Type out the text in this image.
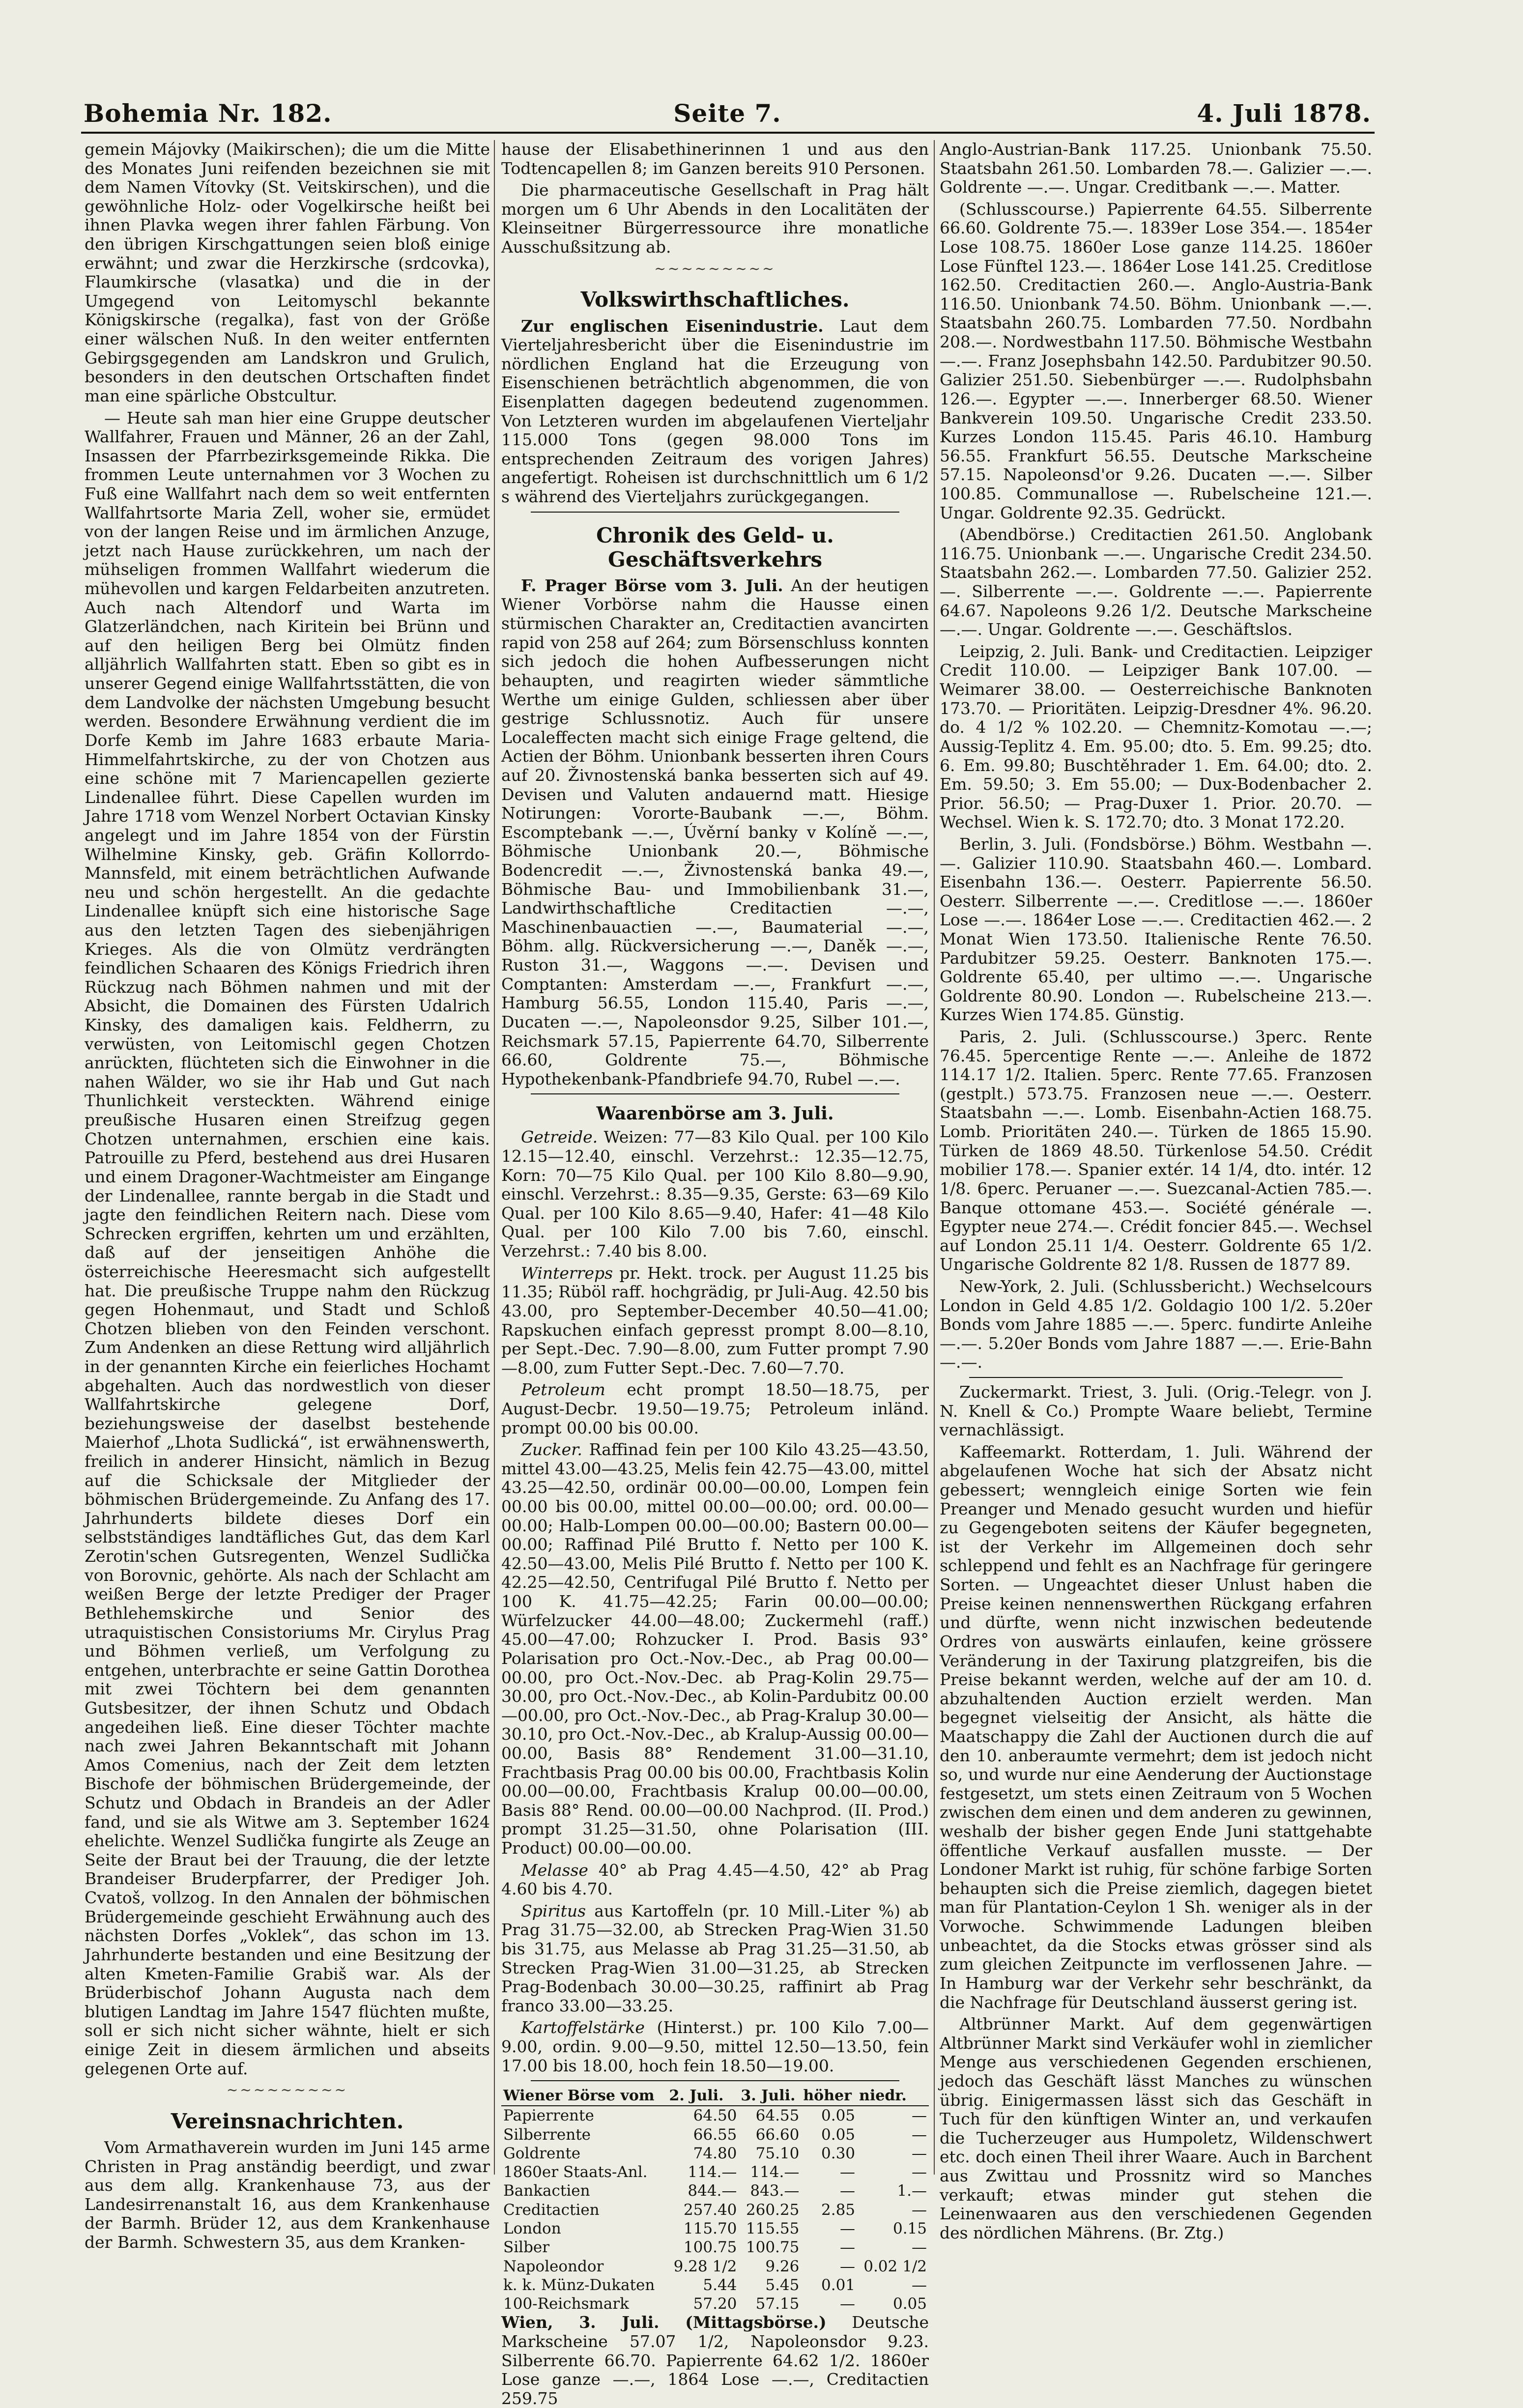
Bohemia Nr. 182.	Seite 7.	4. Juli 1878.

gemein Májovky (Maikirschen); die um die Mitte des Monates Juni reifenden bezeichnen sie mit dem Namen Vítovky (St. Veitskirschen), und die gewöhnliche Holz- oder Vogelkirsche heißt bei ihnen Plavka wegen ihrer fahlen Färbung. Von den übrigen Kirschgattungen seien bloß einige erwähnt; und zwar die Herzkirsche (srdcovka), Flaumkirsche (vlasatka) und die in der Umgegend von Leitomyschl bekannte Königskirsche (regalka), fast von der Größe einer wälschen Nuß. In den weiter entfernten Gebirgsgegenden am Landskron und Grulich, besonders in den deutschen Ortschaften findet man eine spärliche Obstcultur.

— Heute sah man hier eine Gruppe deutscher Wallfahrer, Frauen und Männer, 26 an der Zahl, Insassen der Pfarrbezirksgemeinde Rikka. Die frommen Leute unternahmen vor 3 Wochen zu Fuß eine Wallfahrt nach dem so weit entfernten Wallfahrtsorte Maria Zell, woher sie, ermüdet von der langen Reise und im ärmlichen Anzuge, jetzt nach Hause zurückkehren, um nach der mühseligen frommen Wallfahrt wiederum die mühevollen und kargen Feldarbeiten anzutreten. Auch nach Altendorf und Warta im Glatzerländchen, nach Kiritein bei Brünn und auf den heiligen Berg bei Olmütz finden alljährlich Wallfahrten statt. Eben so gibt es in unserer Gegend einige Wallfahrtsstätten, die von dem Landvolke der nächsten Umgebung besucht werden. Besondere Erwähnung verdient die im Dorfe Kemb im Jahre 1683 erbaute Maria-Himmelfahrtskirche, zu der von Chotzen aus eine schöne mit 7 Mariencapellen gezierte Lindenallee führt. Diese Capellen wurden im Jahre 1718 vom Wenzel Norbert Octavian Kinsky angelegt und im Jahre 1854 von der Fürstin Wilhelmine Kinsky, geb. Gräfin Kollorrdo-Mannsfeld, mit einem beträchtlichen Aufwande neu und schön hergestellt. An die gedachte Lindenallee knüpft sich eine historische Sage aus den letzten Tagen des siebenjährigen Krieges. Als die von Olmütz verdrängten feindlichen Schaaren des Königs Friedrich ihren Rückzug nach Böhmen nahmen und mit der Absicht, die Domainen des Fürsten Udalrich Kinsky, des damaligen kais. Feldherrn, zu verwüsten, von Leitomischl gegen Chotzen anrückten, flüchteten sich die Einwohner in die nahen Wälder, wo sie ihr Hab und Gut nach Thunlichkeit versteckten. Während einige preußische Husaren einen Streifzug gegen Chotzen unternahmen, erschien eine kais. Patrouille zu Pferd, bestehend aus drei Husaren und einem Dragoner-Wachtmeister am Eingange der Lindenallee, rannte bergab in die Stadt und jagte den feindlichen Reitern nach. Diese vom Schrecken ergriffen, kehrten um und erzählten, daß auf der jenseitigen Anhöhe die österreichische Heeresmacht sich aufgestellt hat. Die preußische Truppe nahm den Rückzug gegen Hohenmaut, und Stadt und Schloß Chotzen blieben von den Feinden verschont. Zum Andenken an diese Rettung wird alljährlich in der genannten Kirche ein feierliches Hochamt abgehalten. Auch das nordwestlich von dieser Wallfahrtskirche gelegene Dorf, beziehungsweise der daselbst bestehende Maierhof „Lhota Sudlická“, ist erwähnenswerth, freilich in anderer Hinsicht, nämlich in Bezug auf die Schicksale der Mitglieder der böhmischen Brüdergemeinde. Zu Anfang des 17. Jahrhunderts bildete dieses Dorf ein selbstständiges landtäfliches Gut, das dem Karl Zerotin'schen Gutsregenten, Wenzel Sudlička von Borovnic, gehörte. Als nach der Schlacht am weißen Berge der letzte Prediger der Prager Bethlehemskirche und Senior des utraquistischen Consistoriums Mr. Cirylus Prag und Böhmen verließ, um Verfolgung zu entgehen, unterbrachte er seine Gattin Dorothea mit zwei Töchtern bei dem genannten Gutsbesitzer, der ihnen Schutz und Obdach angedeihen ließ. Eine dieser Töchter machte nach zwei Jahren Bekanntschaft mit Johann Amos Comenius, nach der Zeit dem letzten Bischofe der böhmischen Brüdergemeinde, der Schutz und Obdach in Brandeis an der Adler fand, und sie als Witwe am 3. September 1624 ehelichte. Wenzel Sudlička fungirte als Zeuge an Seite der Braut bei der Trauung, die der letzte Brandeiser Bruderpfarrer, der Prediger Joh. Cvatoš, vollzog. In den Annalen der böhmischen Brüdergemeinde geschieht Erwähnung auch des nächsten Dorfes „Voklek“, das schon im 13. Jahrhunderte bestanden und eine Besitzung der alten Kmeten-Familie Grabiš war. Als der Brüderbischof Johann Augusta nach dem blutigen Landtag im Jahre 1547 flüchten mußte, soll er sich nicht sicher wähnte, hielt er sich einige Zeit in diesem ärmlichen und abseits gelegenen Orte auf.

~~~~~~~~~
Vereinsnachrichten.

Vom Armathaverein wurden im Juni 145 arme Christen in Prag anständig beerdigt, und zwar aus dem allg. Krankenhause 73, aus der Landesirrenanstalt 16, aus dem Krankenhause der Barmh. Brüder 12, aus dem Krankenhause der Barmh. Schwestern 35, aus dem Kranken-

hause der Elisabethinerinnen 1 und aus den Todtencapellen 8; im Ganzen bereits 910 Personen.

Die pharmaceutische Gesellschaft in Prag hält morgen um 6 Uhr Abends in den Localitäten der Kleinseitner Bürgerressource ihre monatliche Ausschußsitzung ab.

~~~~~~~~~
Volkswirthschaftliches.

Zur englischen Eisenindustrie. Laut dem Vierteljahresbericht über die Eisenindustrie im nördlichen England hat die Erzeugung von Eisenschienen beträchtlich abgenommen, die von Eisenplatten dagegen bedeutend zugenommen. Von Letzteren wurden im abgelaufenen Vierteljahr 115.000 Tons (gegen 98.000 Tons im entsprechenden Zeitraum des vorigen Jahres) angefertigt. Roheisen ist durchschnittlich um 6 1/2 s während des Vierteljahrs zurückgegangen.

Chronik des Geld- u. Geschäftsverkehrs

F. Prager Börse vom 3. Juli. An der heutigen Wiener Vorbörse nahm die Hausse einen stürmischen Charakter an, Creditactien avancirten rapid von 258 auf 264; zum Börsenschluss konnten sich jedoch die hohen Aufbesserungen nicht behaupten, und reagirten wieder sämmtliche Werthe um einige Gulden, schliessen aber über gestrige Schlussnotiz. Auch für unsere Localeffecten macht sich einige Frage geltend, die Actien der Böhm. Unionbank besserten ihren Cours auf 20. Živnostenská banka besserten sich auf 49. Devisen und Valuten andauernd matt. Hiesige Notirungen: Vororte-Baubank —.—, Böhm. Escomptebank —.—, Úvěrní banky v Kolíně —.—, Böhmische Unionbank 20.—, Böhmische Bodencredit —.—, Živnostenská banka 49.—, Böhmische Bau- und Immobilienbank 31.—, Landwirthschaftliche Creditactien —.—, Maschinenbauactien —.—, Baumaterial —.—, Böhm. allg. Rückversicherung —.—, Daněk —.—, Ruston 31.—, Waggons —.—. Devisen und Comptanten: Amsterdam —.—, Frankfurt —.—, Hamburg 56.55, London 115.40, Paris —.—, Ducaten —.—, Napoleonsdor 9.25, Silber 101.—, Reichsmark 57.15, Papierrente 64.70, Silberrente 66.60, Goldrente 75.—, Böhmische Hypothekenbank-Pfandbriefe 94.70, Rubel —.—.

Waarenbörse am 3. Juli.

Getreide. Weizen: 77—83 Kilo Qual. per 100 Kilo 12.15—12.40, einschl. Verzehrst.: 12.35—12.75, Korn: 70—75 Kilo Qual. per 100 Kilo 8.80—9.90, einschl. Verzehrst.: 8.35—9.35, Gerste: 63—69 Kilo Qual. per 100 Kilo 8.65—9.40, Hafer: 41—48 Kilo Qual. per 100 Kilo 7.00 bis 7.60, einschl. Verzehrst.: 7.40 bis 8.00.

Winterreps pr. Hekt. trock. per August 11.25 bis 11.35; Rüböl raff. hochgrädig, pr Juli-Aug. 42.50 bis 43.00, pro September-December 40.50—41.00; Rapskuchen einfach gepresst prompt 8.00—8.10, per Sept.-Dec. 7.90—8.00, zum Futter prompt 7.90—8.00, zum Futter Sept.-Dec. 7.60—7.70.

Petroleum echt prompt 18.50—18.75, per August-Decbr. 19.50—19.75; Petroleum inländ. prompt 00.00 bis 00.00.

Zucker. Raffinad fein per 100 Kilo 43.25—43.50, mittel 43.00—43.25, Melis fein 42.75—43.00, mittel 43.25—42.50, ordinär 00.00—00.00, Lompen fein 00.00 bis 00.00, mittel 00.00—00.00; ord. 00.00—00.00; Halb-Lompen 00.00—00.00; Bastern 00.00—00.00; Raffinad Pilé Brutto f. Netto per 100 K. 42.50—43.00, Melis Pilé Brutto f. Netto per 100 K. 42.25—42.50, Centrifugal Pilé Brutto f. Netto per 100 K. 41.75—42.25; Farin 00.00—00.00; Würfelzucker 44.00—48.00; Zuckermehl (raff.) 45.00—47.00; Rohzucker I. Prod. Basis 93° Polarisation pro Oct.-Nov.-Dec., ab Prag 00.00—00.00, pro Oct.-Nov.-Dec. ab Prag-Kolin 29.75—30.00, pro Oct.-Nov.-Dec., ab Kolin-Pardubitz 00.00—00.00, pro Oct.-Nov.-Dec., ab Prag-Kralup 30.00—30.10, pro Oct.-Nov.-Dec., ab Kralup-Aussig 00.00—00.00, Basis 88° Rendement 31.00—31.10, Frachtbasis Prag 00.00 bis 00.00, Frachtbasis Kolin 00.00—00.00, Frachtbasis Kralup 00.00—00.00, Basis 88° Rend. 00.00—00.00 Nachprod. (II. Prod.) prompt 31.25—31.50, ohne Polarisation (III. Product) 00.00—00.00.

Melasse 40° ab Prag 4.45—4.50, 42° ab Prag 4.60 bis 4.70.

Spiritus aus Kartoffeln (pr. 10 Mill.-Liter %) ab Prag 31.75—32.00, ab Strecken Prag-Wien 31.50 bis 31.75, aus Melasse ab Prag 31.25—31.50, ab Strecken Prag-Wien 31.00—31.25, ab Strecken Prag-Bodenbach 30.00—30.25, raffinirt ab Prag franco 33.00—33.25.

Kartoffelstärke (Hinterst.) pr. 100 Kilo 7.00—9.00, ordin. 9.00—9.50, mittel 12.50—13.50, fein 17.00 bis 18.00, hoch fein 18.50—19.00.

Wiener Börse vom	2. Juli.	3. Juli.	höher	niedr.
Papierrente	64.50	64.55	0.05	—
Silberrente	66.55	66.60	0.05	—
Goldrente	74.80	75.10	0.30	—
1860er Staats-Anl.	114.—	114.—	—	—
Bankactien	844.—	843.—	—	1.—
Creditactien	257.40	260.25	2.85	—
London	115.70	115.55	—	0.15
Silber	100.75	100.75	—	—
Napoleondor	9.28 1/2	9.26	—	0.02 1/2
k. k. Münz-Dukaten	5.44	5.45	0.01	—
100-Reichsmark	57.20	57.15	—	0.05

Wien, 3. Juli. (Mittagsbörse.) Deutsche Markscheine 57.07 1/2, Napoleonsdor 9.23. Silberrente 66.70. Papierrente 64.62 1/2. 1860er Lose ganze —.—, 1864 Lose —.—, Creditactien 259.75

Anglo-Austrian-Bank 117.25. Unionbank 75.50. Staatsbahn 261.50. Lombarden 78.—. Galizier —.—. Goldrente —.—. Ungar. Creditbank —.—. Matter.

(Schlusscourse.) Papierrente 64.55. Silberrente 66.60. Goldrente 75.—. 1839er Lose 354.—. 1854er Lose 108.75. 1860er Lose ganze 114.25. 1860er Lose Fünftel 123.—. 1864er Lose 141.25. Creditlose 162.50. Creditactien 260.—. Anglo-Austria-Bank 116.50. Unionbank 74.50. Böhm. Unionbank —.—. Staatsbahn 260.75. Lombarden 77.50. Nordbahn 208.—. Nordwestbahn 117.50. Böhmische Westbahn —.—. Franz Josephsbahn 142.50. Pardubitzer 90.50. Galizier 251.50. Siebenbürger —.—. Rudolphsbahn 126.—. Egypter —.—. Innerberger 68.50. Wiener Bankverein 109.50. Ungarische Credit 233.50. Kurzes London 115.45. Paris 46.10. Hamburg 56.55. Frankfurt 56.55. Deutsche Markscheine 57.15. Napoleonsd'or 9.26. Ducaten —.—. Silber 100.85. Communallose —. Rubelscheine 121.—. Ungar. Goldrente 92.35. Gedrückt.

(Abendbörse.) Creditactien 261.50. Anglobank 116.75. Unionbank —.—. Ungarische Credit 234.50. Staatsbahn 262.—. Lombarden 77.50. Galizier 252.—. Silberrente —.—. Goldrente —.—. Papierrente 64.67. Napoleons 9.26 1/2. Deutsche Markscheine —.—. Ungar. Goldrente —.—. Geschäftslos.

Leipzig, 2. Juli. Bank- und Creditactien. Leipziger Credit 110.00. — Leipziger Bank 107.00. — Weimarer 38.00. — Oesterreichische Banknoten 173.70. — Prioritäten. Leipzig-Dresdner 4%. 96.20. do. 4 1/2 % 102.20. — Chemnitz-Komotau —.—; Aussig-Teplitz 4. Em. 95.00; dto. 5. Em. 99.25; dto. 6. Em. 99.80; Buschtěhrader 1. Em. 64.00; dto. 2. Em. 59.50; 3. Em 55.00; — Dux-Bodenbacher 2. Prior. 56.50; — Prag-Duxer 1. Prior. 20.70. — Wechsel. Wien k. S. 172.70; dto. 3 Monat 172.20.

Berlin, 3. Juli. (Fondsbörse.) Böhm. Westbahn —.—. Galizier 110.90. Staatsbahn 460.—. Lombard. Eisenbahn 136.—. Oesterr. Papierrente 56.50. Oesterr. Silberrente —.—. Creditlose —.—. 1860er Lose —.—. 1864er Lose —.—. Creditactien 462.—. 2 Monat Wien 173.50. Italienische Rente 76.50. Pardubitzer 59.25. Oesterr. Banknoten 175.—. Goldrente 65.40, per ultimo —.—. Ungarische Goldrente 80.90. London —. Rubelscheine 213.—. Kurzes Wien 174.85. Günstig.

Paris, 2. Juli. (Schlusscourse.) 3perc. Rente 76.45. 5percentige Rente —.—. Anleihe de 1872 114.17 1/2. Italien. 5perc. Rente 77.65. Franzosen (gestplt.) 573.75. Franzosen neue —.—. Oesterr. Staatsbahn —.—. Lomb. Eisenbahn-Actien 168.75. Lomb. Prioritäten 240.—. Türken de 1865 15.90. Türken de 1869 48.50. Türkenlose 54.50. Crédit mobilier 178.—. Spanier extér. 14 1/4, dto. intér. 12 1/8. 6perc. Peruaner —.—. Suezcanal-Actien 785.—. Banque ottomane 453.—. Société générale —. Egypter neue 274.—. Crédit foncier 845.—. Wechsel auf London 25.11 1/4. Oesterr. Goldrente 65 1/2. Ungarische Goldrente 82 1/8. Russen de 1877 89.

New-York, 2. Juli. (Schlussbericht.) Wechselcours London in Geld 4.85 1/2. Goldagio 100 1/2. 5.20er Bonds vom Jahre 1885 —.—. 5perc. fundirte Anleihe —.—. 5.20er Bonds vom Jahre 1887 —.—. Erie-Bahn —.—.

Zuckermarkt. Triest, 3. Juli. (Orig.-Telegr. von J. N. Knell & Co.) Prompte Waare beliebt, Termine vernachlässigt.

Kaffeemarkt. Rotterdam, 1. Juli. Während der abgelaufenen Woche hat sich der Absatz nicht gebessert; wenngleich einige Sorten wie fein Preanger und Menado gesucht wurden und hiefür zu Gegengeboten seitens der Käufer begegneten, ist der Verkehr im Allgemeinen doch sehr schleppend und fehlt es an Nachfrage für geringere Sorten. — Ungeachtet dieser Unlust haben die Preise keinen nennenswerthen Rückgang erfahren und dürfte, wenn nicht inzwischen bedeutende Ordres von auswärts einlaufen, keine grössere Veränderung in der Taxirung platzgreifen, bis die Preise bekannt werden, welche auf der am 10. d. abzuhaltenden Auction erzielt werden. Man begegnet vielseitig der Ansicht, als hätte die Maatschappy die Zahl der Auctionen durch die auf den 10. anberaumte vermehrt; dem ist jedoch nicht so, und wurde nur eine Aenderung der Auctionstage festgesetzt, um stets einen Zeitraum von 5 Wochen zwischen dem einen und dem anderen zu gewinnen, weshalb der bisher gegen Ende Juni stattgehabte öffentliche Verkauf ausfallen musste. — Der Londoner Markt ist ruhig, für schöne farbige Sorten behaupten sich die Preise ziemlich, dagegen bietet man für Plantation-Ceylon 1 Sh. weniger als in der Vorwoche. Schwimmende Ladungen bleiben unbeachtet, da die Stocks etwas grösser sind als zum gleichen Zeitpuncte im verflossenen Jahre. — In Hamburg war der Verkehr sehr beschränkt, da die Nachfrage für Deutschland äusserst gering ist.

Altbrünner Markt. Auf dem gegenwärtigen Altbrünner Markt sind Verkäufer wohl in ziemlicher Menge aus verschiedenen Gegenden erschienen, jedoch das Geschäft lässt Manches zu wünschen übrig. Einigermassen lässt sich das Geschäft in Tuch für den künftigen Winter an, und verkaufen die Tucherzeuger aus Humpoletz, Wildenschwert etc. doch einen Theil ihrer Waare. Auch in Barchent aus Zwittau und Prossnitz wird so Manches verkauft; etwas minder gut stehen die Leinenwaaren aus den verschiedenen Gegenden des nördlichen Mährens. (Br. Ztg.)
